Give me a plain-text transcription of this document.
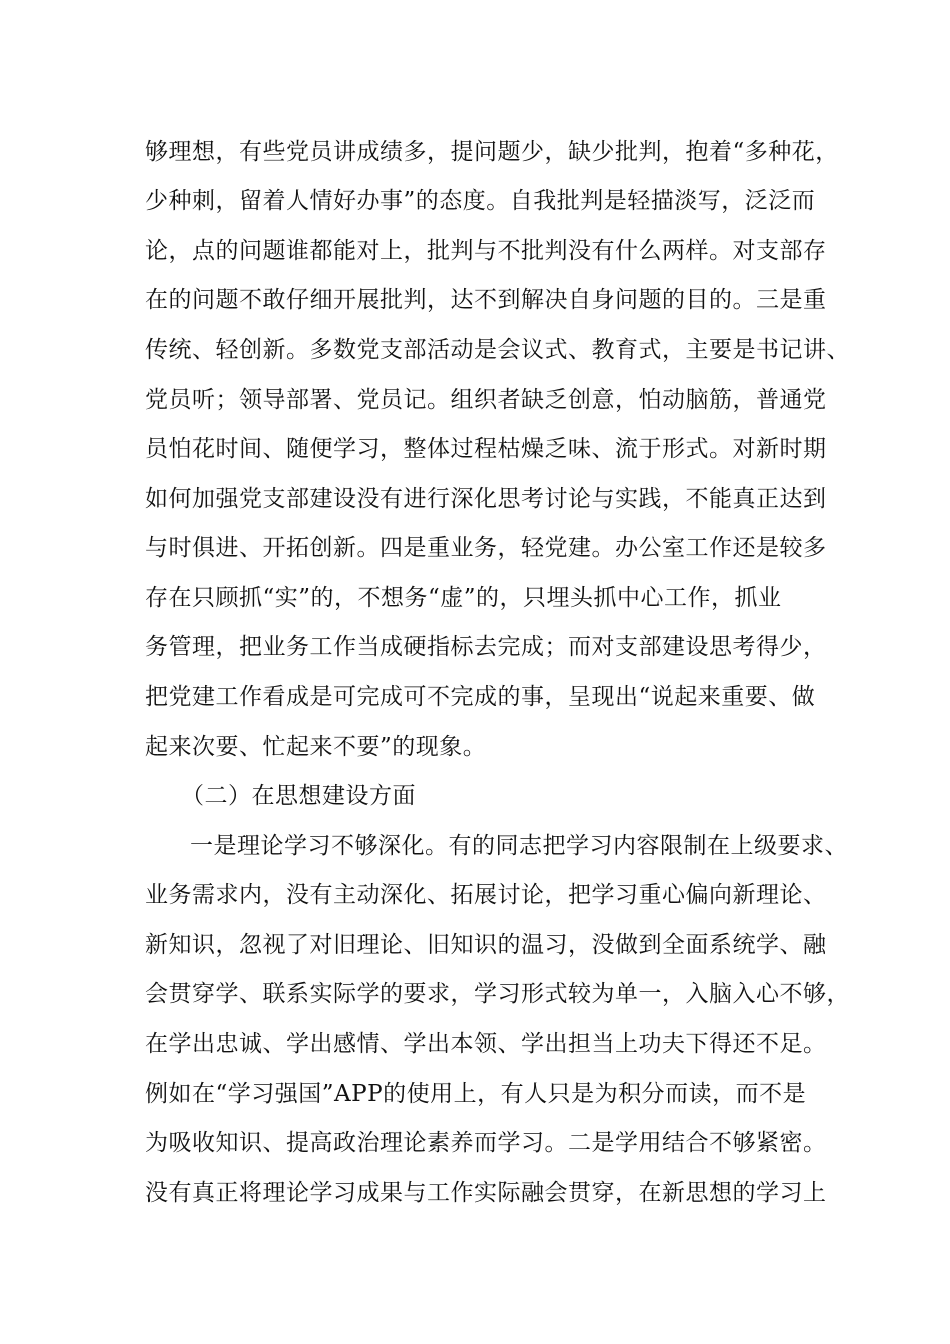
够理想，有些党员讲成绩多，提问题少，缺少批判，抱着“多种花，
少种刺，留着人情好办事”的态度。自我批判是轻描淡写，泛泛而
论，点的问题谁都能对上，批判与不批判没有什么两样。对支部存
在的问题不敢仔细开展批判，达不到解决自身问题的目的。三是重
传统、轻创新。多数党支部活动是会议式、教育式，主要是书记讲、
党员听；领导部署、党员记。组织者缺乏创意，怕动脑筋，普通党
员怕花时间、随便学习，整体过程枯燥乏味、流于形式。对新时期
如何加强党支部建设没有进行深化思考讨论与实践，不能真正达到
与时俱进、开拓创新。四是重业务，轻党建。办公室工作还是较多
存在只顾抓“实”的，不想务“虚”的，只埋头抓中心工作，抓业
务管理，把业务工作当成硬指标去完成；而对支部建设思考得少，
把党建工作看成是可完成可不完成的事，呈现出“说起来重要、做
起来次要、忙起来不要”的现象。
（二）在思想建设方面
一是理论学习不够深化。有的同志把学习内容限制在上级要求、
业务需求内，没有主动深化、拓展讨论，把学习重心偏向新理论、
新知识，忽视了对旧理论、旧知识的温习，没做到全面系统学、融
会贯穿学、联系实际学的要求，学习形式较为单一，入脑入心不够，
在学出忠诚、学出感情、学出本领、学出担当上功夫下得还不足。
例如在“学习强国”APP的使用上，有人只是为积分而读，而不是
为吸收知识、提高政治理论素养而学习。二是学用结合不够紧密。
没有真正将理论学习成果与工作实际融会贯穿，在新思想的学习上
